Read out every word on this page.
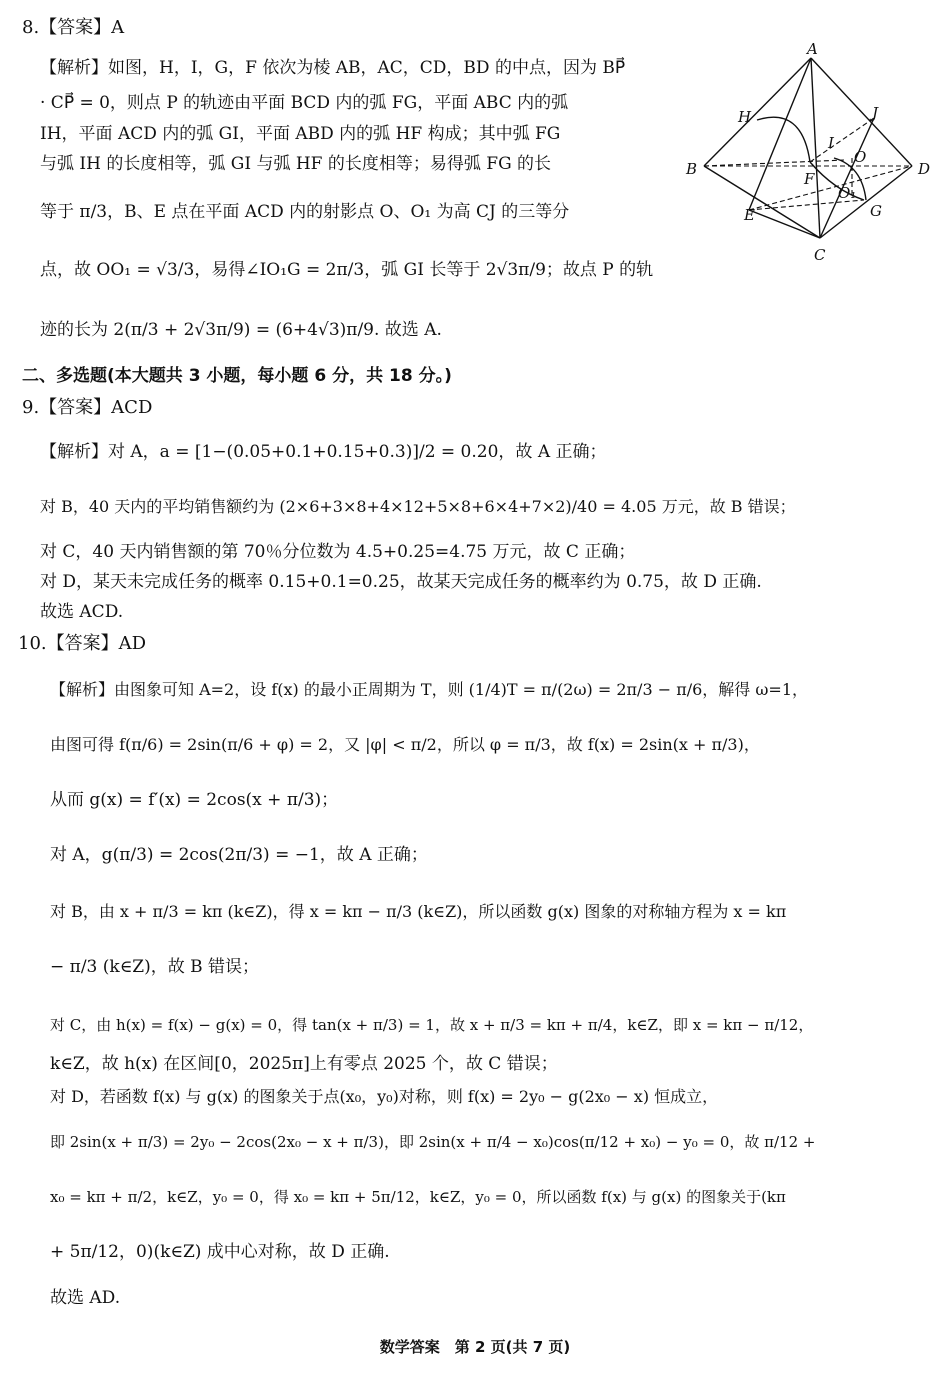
8.【答案】A
【解析】如图，H，I，G，F 依次为棱 AB，AC，CD，BD 的中点，因为 BP⃗
· CP⃗ = 0，则点 P 的轨迹由平面 BCD 内的弧 FG，平面 ABC 内的弧
IH，平面 ACD 内的弧 GI，平面 ABD 内的弧 HF 构成；其中弧 FG
与弧 IH 的长度相等，弧 GI 与弧 HF 的长度相等；易得弧 FG 的长
等于 π/3，B、E 点在平面 ACD 内的射影点 O、O₁ 为高 CJ 的三等分
点，故 OO₁ = √3/3，易得∠IO₁G = 2π/3，弧 GI 长等于 2√3π/9；故点 P 的轨
迹的长为 2(π/3 + 2√3π/9) = (6+4√3)π/9. 故选 A.
A
H	J
I
O
B
F
D
O₁
E	G
C
二、多选题(本大题共 3 小题，每小题 6 分，共 18 分。)
9.【答案】ACD
【解析】对 A，a = [1−(0.05+0.1+0.15+0.3)]/2 = 0.20，故 A 正确；
对 B，40 天内的平均销售额约为 (2×6+3×8+4×12+5×8+6×4+7×2)/40 = 4.05 万元，故 B 错误；
对 C，40 天内销售额的第 70％分位数为 4.5+0.25=4.75 万元，故 C 正确；
对 D，某天未完成任务的概率 0.15+0.1=0.25，故某天完成任务的概率约为 0.75，故 D 正确.
故选 ACD.
10.【答案】AD
【解析】由图象可知 A=2，设 f(x) 的最小正周期为 T，则 (1/4)T = π/(2ω) = 2π/3 − π/6，解得 ω=1，
由图可得 f(π/6) = 2sin(π/6 + φ) = 2，又 |φ| < π/2，所以 φ = π/3，故 f(x) = 2sin(x + π/3)，
从而 g(x) = f′(x) = 2cos(x + π/3)；
对 A，g(π/3) = 2cos(2π/3) = −1，故 A 正确；
对 B，由 x + π/3 = kπ (k∈Z)，得 x = kπ − π/3 (k∈Z)，所以函数 g(x) 图象的对称轴方程为 x = kπ
− π/3 (k∈Z)，故 B 错误；
对 C，由 h(x) = f(x) − g(x) = 0，得 tan(x + π/3) = 1，故 x + π/3 = kπ + π/4，k∈Z，即 x = kπ − π/12，
k∈Z，故 h(x) 在区间[0，2025π]上有零点 2025 个，故 C 错误；
对 D，若函数 f(x) 与 g(x) 的图象关于点(x₀，y₀)对称，则 f(x) = 2y₀ − g(2x₀ − x) 恒成立，
即 2sin(x + π/3) = 2y₀ − 2cos(2x₀ − x + π/3)，即 2sin(x + π/4 − x₀)cos(π/12 + x₀) − y₀ = 0，故 π/12 +
x₀ = kπ + π/2，k∈Z，y₀ = 0，得 x₀ = kπ + 5π/12，k∈Z，y₀ = 0，所以函数 f(x) 与 g(x) 的图象关于(kπ
+ 5π/12，0)(k∈Z) 成中心对称，故 D 正确.
故选 AD.
数学答案　第 2 页(共 7 页)
